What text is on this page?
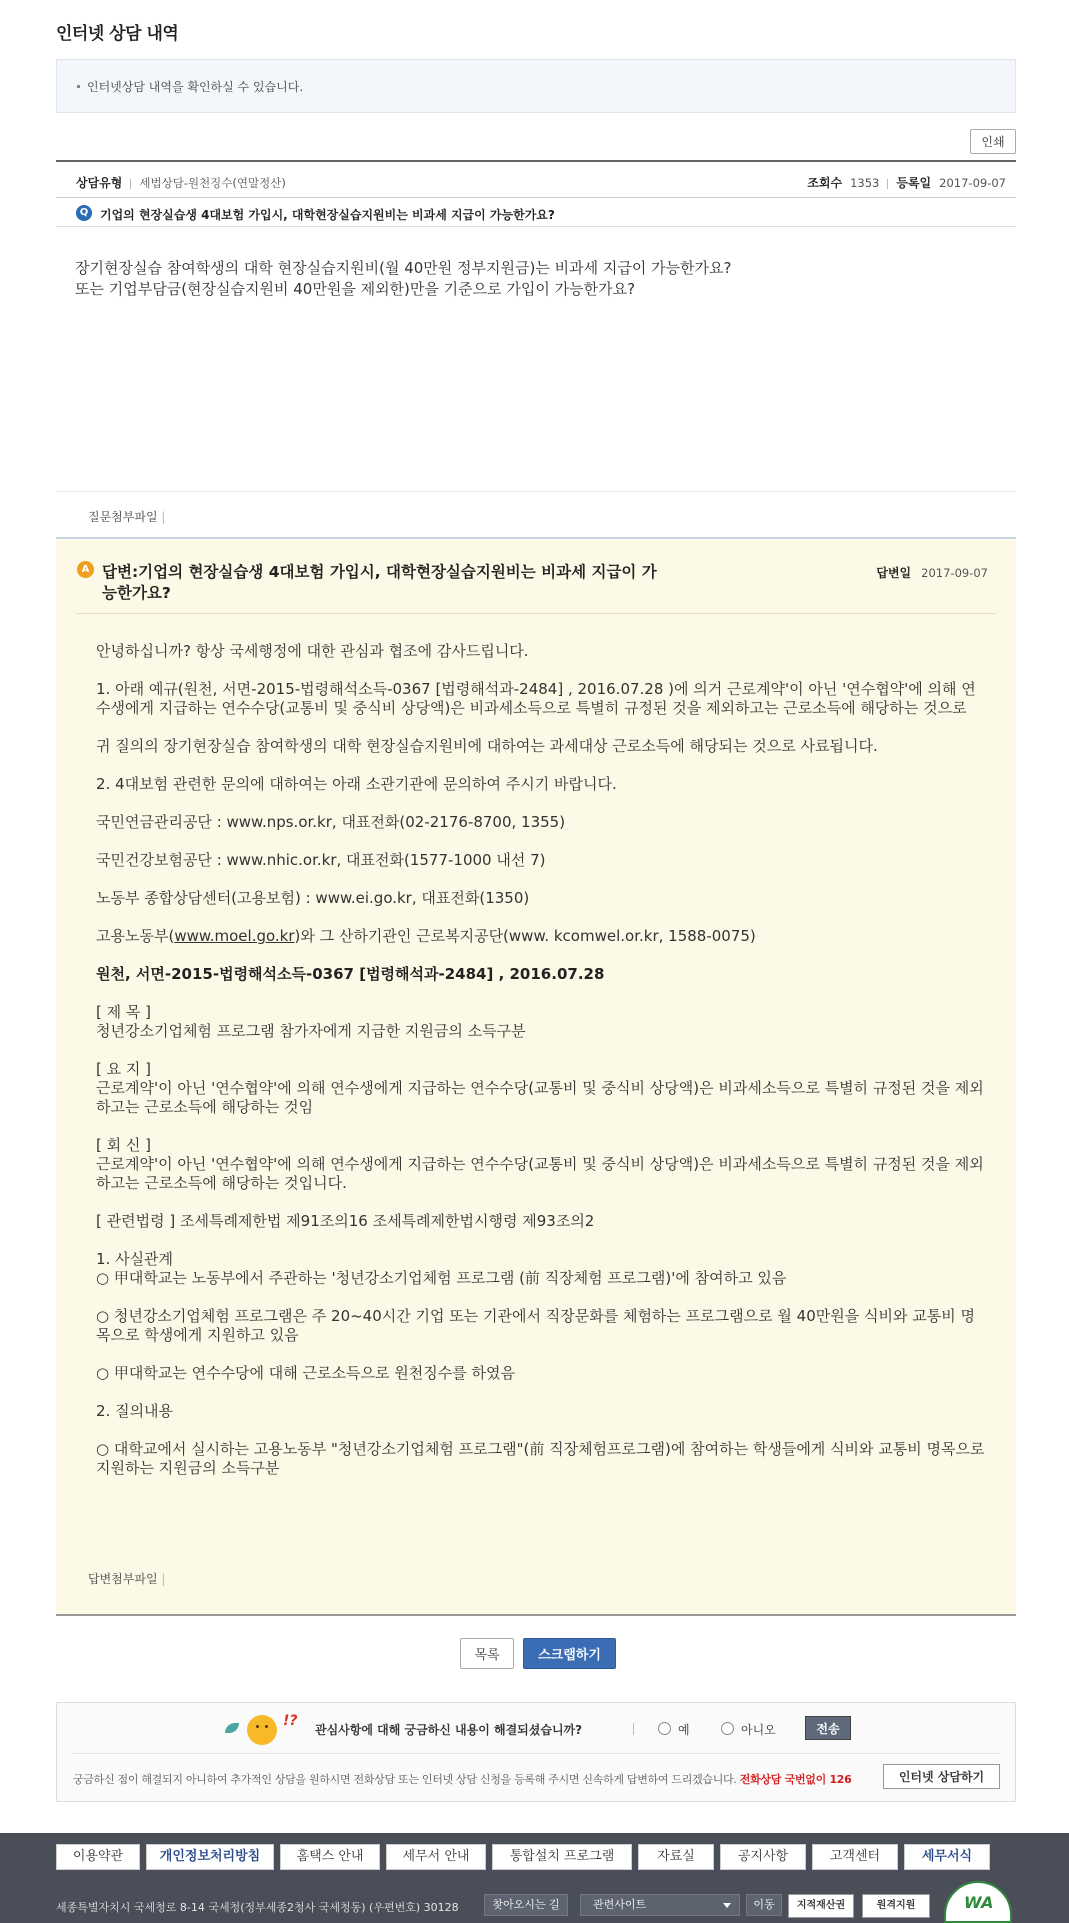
인터넷 상담 내역
인터넷상담 내역을 확인하실 수 있습니다.
인쇄
상담유형 세법상담-원천징수(연말정산)	조회수 1353 등록일 2017-09-07
Q 기업의 현장실습생 4대보험 가입시, 대학현장실습지원비는 비과세 지급이 가능한가요?
장기현장실습 참여학생의 대학 현장실습지원비(월 40만원 정부지원금)는 비과세 지급이 가능한가요?
또는 기업부담금(현장실습지원비 40만원을 제외한)만을 기준으로 가입이 가능한가요?
질문첨부파일 |
A 답변:기업의 현장실습생 4대보험 가입시, 대학현장실습지원비는 비과세 지급이 가능한가요?
답변일 2017-09-07

안녕하십니까? 항상 국세행정에 대한 관심과 협조에 감사드립니다.

1. 아래 예규(원천, 서면-2015-법령해석소득-0367 [법령해석과-2484] , 2016.07.28 )에 의거 근로계약'이 아닌 '연수협약'에 의해 연수생에게 지급하는 연수수당(교통비 및 중식비 상당액)은 비과세소득으로 특별히 규정된 것을 제외하고는 근로소득에 해당하는 것으로

귀 질의의 장기현장실습 참여학생의 대학 현장실습지원비에 대하여는 과세대상 근로소득에 해당되는 것으로 사료됩니다.

2. 4대보험 관련한 문의에 대하여는 아래 소관기관에 문의하여 주시기 바랍니다.

국민연금관리공단 : www.nps.or.kr, 대표전화(02-2176-8700, 1355)

국민건강보험공단 : www.nhic.or.kr, 대표전화(1577-1000 내선 7)

노동부 종합상담센터(고용보험) : www.ei.go.kr, 대표전화(1350)

고용노동부(www.moel.go.kr)와 그 산하기관인 근로복지공단(www. kcomwel.or.kr, 1588-0075)

원천, 서면-2015-법령해석소득-0367 [법령해석과-2484] , 2016.07.28

[ 제 목 ]

청년강소기업체험 프로그램 참가자에게 지급한 지원금의 소득구분

[ 요 지 ]

근로계약'이 아닌 '연수협약'에 의해 연수생에게 지급하는 연수수당(교통비 및 중식비 상당액)은 비과세소득으로 특별히 규정된 것을 제외하고는 근로소득에 해당하는 것임

[ 회 신 ]

근로계약'이 아닌 '연수협약'에 의해 연수생에게 지급하는 연수수당(교통비 및 중식비 상당액)은 비과세소득으로 특별히 규정된 것을 제외하고는 근로소득에 해당하는 것입니다.

[ 관련법령 ] 조세특례제한법 제91조의16 조세특례제한법시행령 제93조의2

1. 사실관계

○ 甲대학교는 노동부에서 주관하는 '청년강소기업체험 프로그램 (前 직장체험 프로그램)'에 참여하고 있음

○ 청년강소기업체험 프로그램은 주 20~40시간 기업 또는 기관에서 직장문화를 체험하는 프로그램으로 월 40만원을 식비와 교통비 명목으로 학생에게 지원하고 있음

○ 甲대학교는 연수수당에 대해 근로소득으로 원천징수를 하였음

2. 질의내용

○ 대학교에서 실시하는 고용노동부 "청년강소기업체험 프로그램"(前 직장체험프로그램)에 참여하는 학생들에게 식비와 교통비 명목으로 지원하는 지원금의 소득구분

답변첨부파일 |
목록	스크랩하기
!?
관심사항에 대해 궁금하신 내용이 해결되셨습니까?	예	아니오	전송
궁금하신 점이 해결되지 아니하여 추가적인 상담을 원하시면 전화상담 또는 인터넷 상담 신청을 등록해 주시면 신속하게 답변하여 드리겠습니다. 전화상담 국번없이 126	인터넷 상담하기
이용약관	개인정보처리방침	홈택스 안내	세무서 안내	통합설치 프로그램	자료실	공지사항	고객센터	세무서식
세종특별자치시 국세청로 8-14 국세청(정부세종2청사 국세청동) (우편번호) 30128	찾아오시는 길	관련사이트	이동	지적재산권	원격지원	WA
